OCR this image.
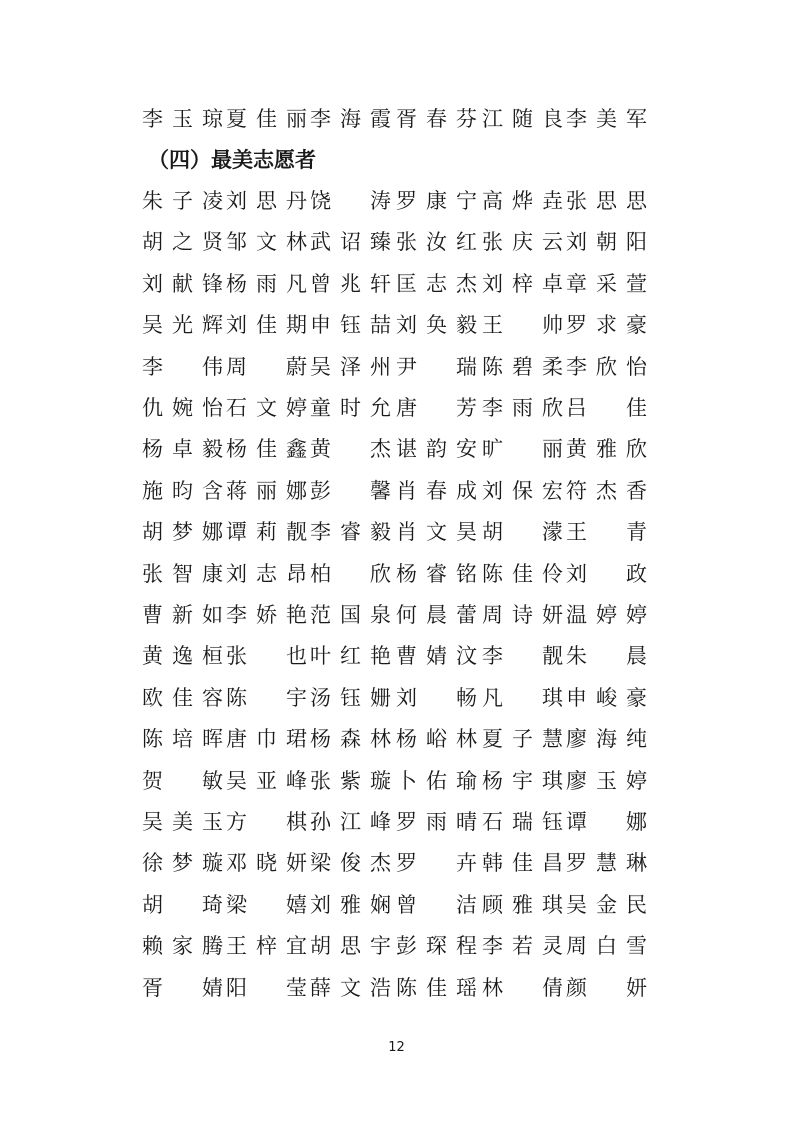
李玉琼
夏佳丽
李海霞
胥春芬
江随良
李美军
（四）最美志愿者
朱子凌
刘思丹
饶　涛
罗康宁
高烨垚
张思思
胡之贤
邹文林
武诏臻
张汝红
张庆云
刘朝阳
刘献锋
杨雨凡
曾兆轩
匡志杰
刘梓卓
章采萱
吴光辉
刘佳期
申钰喆
刘奂毅
王　帅
罗求豪
李　伟
周　蔚
吴泽州
尹　瑞
陈碧柔
李欣怡
仇婉怡
石文婷
童时允
唐　芳
李雨欣
吕　佳
杨卓毅
杨佳鑫
黄　杰
谌韵安
旷　丽
黄雅欣
施昀含
蒋丽娜
彭　馨
肖春成
刘保宏
符杰香
胡梦娜
谭莉靓
李睿毅
肖文昊
胡　濛
王　青
张智康
刘志昂
柏　欣
杨睿铭
陈佳伶
刘　政
曹新如
李娇艳
范国泉
何晨蕾
周诗妍
温婷婷
黄逸桓
张　也
叶红艳
曹婧汶
李　靓
朱　晨
欧佳容
陈　宇
汤钰姗
刘　畅
凡　琪
申峻豪
陈培晖
唐巾珺
杨森林
杨峪林
夏子慧
廖海纯
贺　敏
吴亚峰
张紫璇
卜佑瑜
杨宇琪
廖玉婷
吴美玉
方　棋
孙江峰
罗雨晴
石瑞钰
谭　娜
徐梦璇
邓晓妍
梁俊杰
罗　卉
韩佳昌
罗慧琳
胡　琦
梁　嬉
刘雅娴
曾　洁
顾雅琪
吴金民
赖家腾
王梓宜
胡思宇
彭琛程
李若灵
周白雪
胥　婧
阳　莹
薛文浩
陈佳瑶
林　倩
颜　妍
12
